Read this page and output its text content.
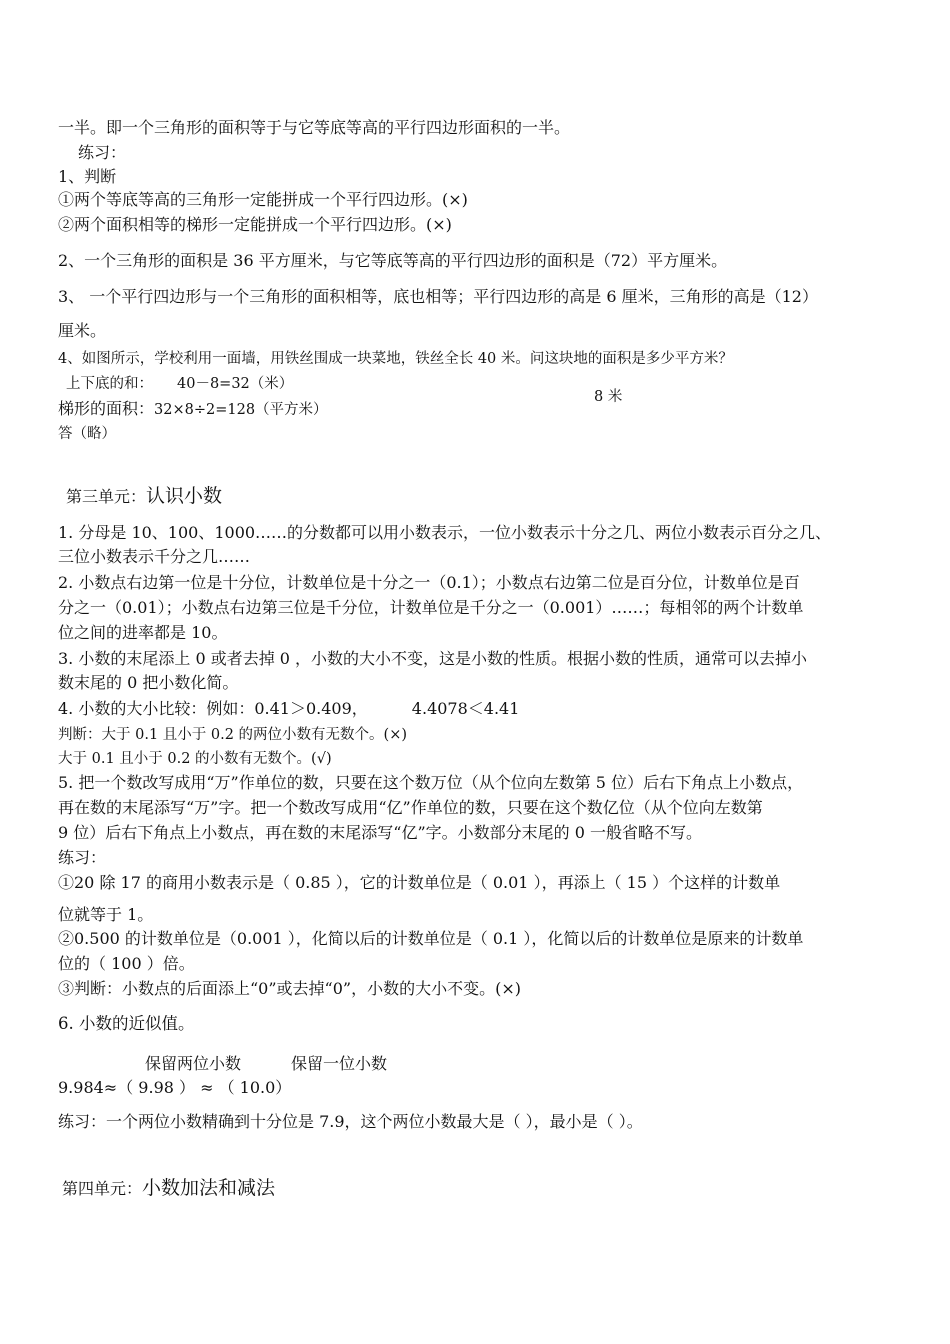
一半。即一个三角形的面积等于与它等底等高的平行四边形面积的一半。
练习：
1、判断
①两个等底等高的三角形一定能拼成一个平行四边形。(×)
②两个面积相等的梯形一定能拼成一个平行四边形。(×)
2、一个三角形的面积是 36 平方厘米，与它等底等高的平行四边形的面积是（72）平方厘米。
3、 一个平行四边形与一个三角形的面积相等，底也相等；平行四边形的高是 6 厘米，三角形的高是（12）
厘米。
4、如图所示，学校利用一面墙，用铁丝围成一块菜地，铁丝全长 40 米。问这块地的面积是多少平方米？
上下底的和： 40－8=32（米）
8 米
梯形的面积：32×8÷2=128（平方米）
答（略）
第三单元：认识小数
1. 分母是 10、100、1000……的分数都可以用小数表示，一位小数表示十分之几、两位小数表示百分之几、
三位小数表示千分之几……
2. 小数点右边第一位是十分位，计数单位是十分之一（0.1）；小数点右边第二位是百分位，计数单位是百
分之一（0.01）；小数点右边第三位是千分位，计数单位是千分之一（0.001）……；每相邻的两个计数单
位之间的进率都是 10。
3. 小数的末尾添上 0 或者去掉 0 ，小数的大小不变，这是小数的性质。根据小数的性质，通常可以去掉小
数末尾的 0 把小数化简。
4. 小数的大小比较：例如：0.41＞0.409，	4.4078＜4.41
判断：大于 0.1 且小于 0.2 的两位小数有无数个。(×)
大于 0.1 且小于 0.2 的小数有无数个。(√)
5. 把一个数改写成用“万”作单位的数，只要在这个数万位（从个位向左数第 5 位）后右下角点上小数点，
再在数的末尾添写“万”字。把一个数改写成用“亿”作单位的数，只要在这个数亿位（从个位向左数第
9 位）后右下角点上小数点，再在数的末尾添写“亿”字。小数部分末尾的 0 一般省略不写。
练习：
①20 除 17 的商用小数表示是（ 0.85 ），它的计数单位是（ 0.01 ），再添上（ 15 ）个这样的计数单
位就等于 1。
②0.500 的计数单位是（0.001 ），化简以后的计数单位是（ 0.1 ），化简以后的计数单位是原来的计数单
位的（ 100 ）倍。
③判断：小数点的后面添上“0”或去掉“0”，小数的大小不变。(×)
6. 小数的近似值。
保留两位小数	保留一位小数
9.984≈（ 9.98 ） ≈ （ 10.0）
练习：一个两位小数精确到十分位是 7.9，这个两位小数最大是（ ），最小是（ ）。
第四单元：小数加法和减法
